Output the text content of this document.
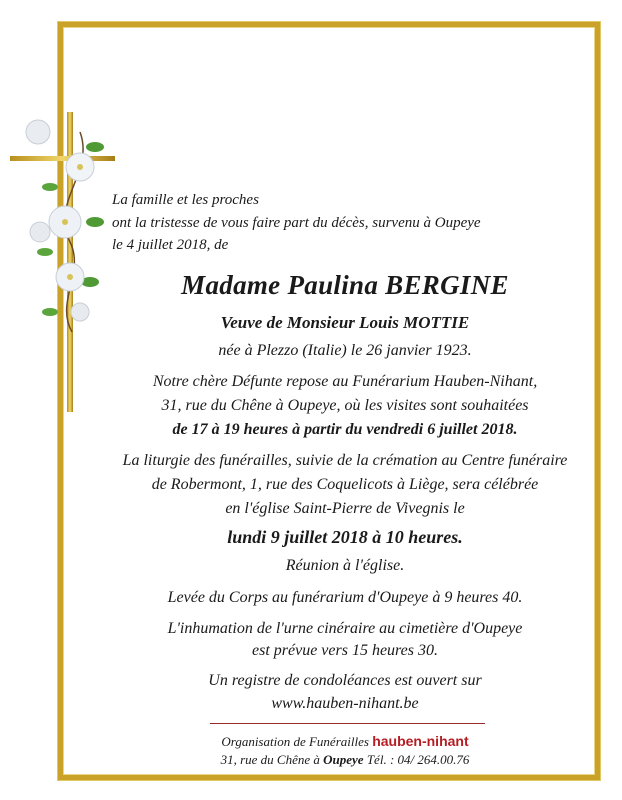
La famille et les proches
ont la tristesse de vous faire part du décès, survenu à Oupeye
le 4 juillet 2018, de
Madame Paulina BERGINE
Veuve de Monsieur Louis MOTTIE
née à Plezzo (Italie) le 26 janvier 1923.
Notre chère Défunte repose au Funérarium Hauben-Nihant,
31, rue du Chêne à Oupeye, où les visites sont souhaitées
de 17 à 19 heures à partir du vendredi 6 juillet 2018.
La liturgie des funérailles, suivie de la crémation au Centre funéraire
de Robermont, 1, rue des Coquelicots à Liège, sera célébrée
en l'église Saint-Pierre de Vivegnis le
lundi 9 juillet 2018 à 10 heures.
Réunion à l'église.
Levée du Corps au funérarium d'Oupeye à 9 heures 40.
L'inhumation de l'urne cinéraire au cimetière d'Oupeye
est prévue vers 15 heures 30.
Un registre de condoléances est ouvert sur
www.hauben-nihant.be
Organisation de Funérailles hauben-nihant
31, rue du Chêne à Oupeye Tél. : 04/ 264.00.76
